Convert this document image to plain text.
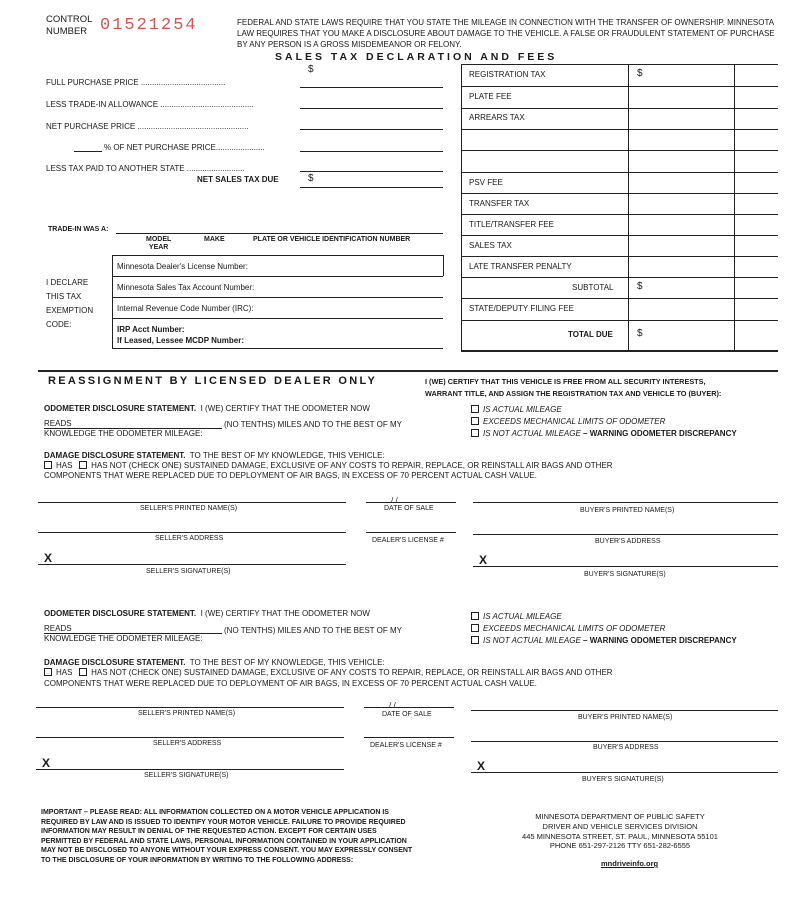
CONTROL
NUMBER 01521254	FEDERAL AND STATE LAWS REQUIRE THAT YOU STATE THE MILEAGE IN CONNECTION WITH THE TRANSFER OF OWNERSHIP. MINNESOTA
LAW REQUIRES THAT YOU MAKE A DISCLOSURE ABOUT DAMAGE TO THE VEHICLE. A FALSE OR FRAUDULENT STATEMENT OF PURCHASE
BY ANY PERSON IS A GROSS MISDEMEANOR OR FELONY.
SALES TAX DECLARATION AND FEES
$
FULL PURCHASE PRICE ......................................
LESS TRADE-IN ALLOWANCE ..........................................
NET PURCHASE PRICE ..................................................
% OF NET PURCHASE PRICE......................
LESS TAX PAID TO ANOTHER STATE ..........................
NET SALES TAX DUE	$
TRADE-IN WAS A:
MODEL
YEAR
MAKE	PLATE OR VEHICLE IDENTIFICATION NUMBER
I DECLARE
THIS TAX
EXEMPTION
CODE:
Minnesota Dealer's License Number:
Minnesota Sales Tax Account Number:
Internal Revenue Code Number (IRC):
IRP Acct Number:
If Leased, Lessee MCDP Number:
REGISTRATION TAX	$
PLATE FEE
ARREARS TAX
PSV FEE
TRANSFER TAX
TITLE/TRANSFER FEE
SALES TAX
LATE TRANSFER PENALTY
SUBTOTAL $
STATE/DEPUTY FILING FEE
TOTAL DUE $
REASSIGNMENT BY LICENSED DEALER ONLY	I (WE) CERTIFY THAT THIS VEHICLE IS FREE FROM ALL SECURITY INTERESTS,
WARRANT TITLE, AND ASSIGN THE REGISTRATION TAX AND VEHICLE TO (BUYER):
ODOMETER DISCLOSURE STATEMENT. I (WE) CERTIFY THAT THE ODOMETER NOW
READS	(NO TENTHS) MILES AND TO THE BEST OF MY
KNOWLEDGE THE ODOMETER MILEAGE:
IS ACTUAL MILEAGE
EXCEEDS MECHANICAL LIMITS OF ODOMETER
IS NOT ACTUAL MILEAGE – WARNING ODOMETER DISCREPANCY
DAMAGE DISCLOSURE STATEMENT. TO THE BEST OF MY KNOWLEDGE, THIS VEHICLE:
HAS HAS NOT (CHECK ONE) SUSTAINED DAMAGE, EXCLUSIVE OF ANY COSTS TO REPAIR, REPLACE, OR REINSTALL AIR BAGS AND OTHER
COMPONENTS THAT WERE REPLACED DUE TO DEPLOYMENT OF AIR BAGS, IN EXCESS OF 70 PERCENT ACTUAL CASH VALUE.
/ /
SELLER'S PRINTED NAME(S)	DATE OF SALE	BUYER'S PRINTED NAME(S)
SELLER'S ADDRESS	DEALER'S LICENSE #	BUYER'S ADDRESS
X	X
SELLER'S SIGNATURE(S)	BUYER'S SIGNATURE(S)
ODOMETER DISCLOSURE STATEMENT. I (WE) CERTIFY THAT THE ODOMETER NOW
READS	(NO TENTHS) MILES AND TO THE BEST OF MY
KNOWLEDGE THE ODOMETER MILEAGE:
IS ACTUAL MILEAGE
EXCEEDS MECHANICAL LIMITS OF ODOMETER
IS NOT ACTUAL MILEAGE – WARNING ODOMETER DISCREPANCY
DAMAGE DISCLOSURE STATEMENT. TO THE BEST OF MY KNOWLEDGE, THIS VEHICLE:
HAS HAS NOT (CHECK ONE) SUSTAINED DAMAGE, EXCLUSIVE OF ANY COSTS TO REPAIR, REPLACE, OR REINSTALL AIR BAGS AND OTHER
COMPONENTS THAT WERE REPLACED DUE TO DEPLOYMENT OF AIR BAGS, IN EXCESS OF 70 PERCENT ACTUAL CASH VALUE.
/ /
SELLER'S PRINTED NAME(S)	DATE OF SALE	BUYER'S PRINTED NAME(S)
SELLER'S ADDRESS	DEALER'S LICENSE #	BUYER'S ADDRESS
X	X
SELLER'S SIGNATURE(S)
BUYER'S SIGNATURE(S)
IMPORTANT – PLEASE READ: ALL INFORMATION COLLECTED ON A MOTOR VEHICLE APPLICATION IS
REQUIRED BY LAW AND IS ISSUED TO IDENTIFY YOUR MOTOR VEHICLE. FAILURE TO PROVIDE REQUIRED
INFORMATION MAY RESULT IN DENIAL OF THE REQUESTED ACTION. EXCEPT FOR CERTAIN USES
PERMITTED BY FEDERAL AND STATE LAWS, PERSONAL INFORMATION CONTAINED IN YOUR APPLICATION
MAY NOT BE DISCLOSED TO ANYONE WITHOUT YOUR EXPRESS CONSENT. YOU MAY EXPRESSLY CONSENT
TO THE DISCLOSURE OF YOUR INFORMATION BY WRITING TO THE FOLLOWING ADDRESS:
MINNESOTA DEPARTMENT OF PUBLIC SAFETY
DRIVER AND VEHICLE SERVICES DIVISION
445 MINNESOTA STREET, ST. PAUL, MINNESOTA 55101
PHONE 651-297-2126 TTY 651-282-6555
mndriveinfo.org
